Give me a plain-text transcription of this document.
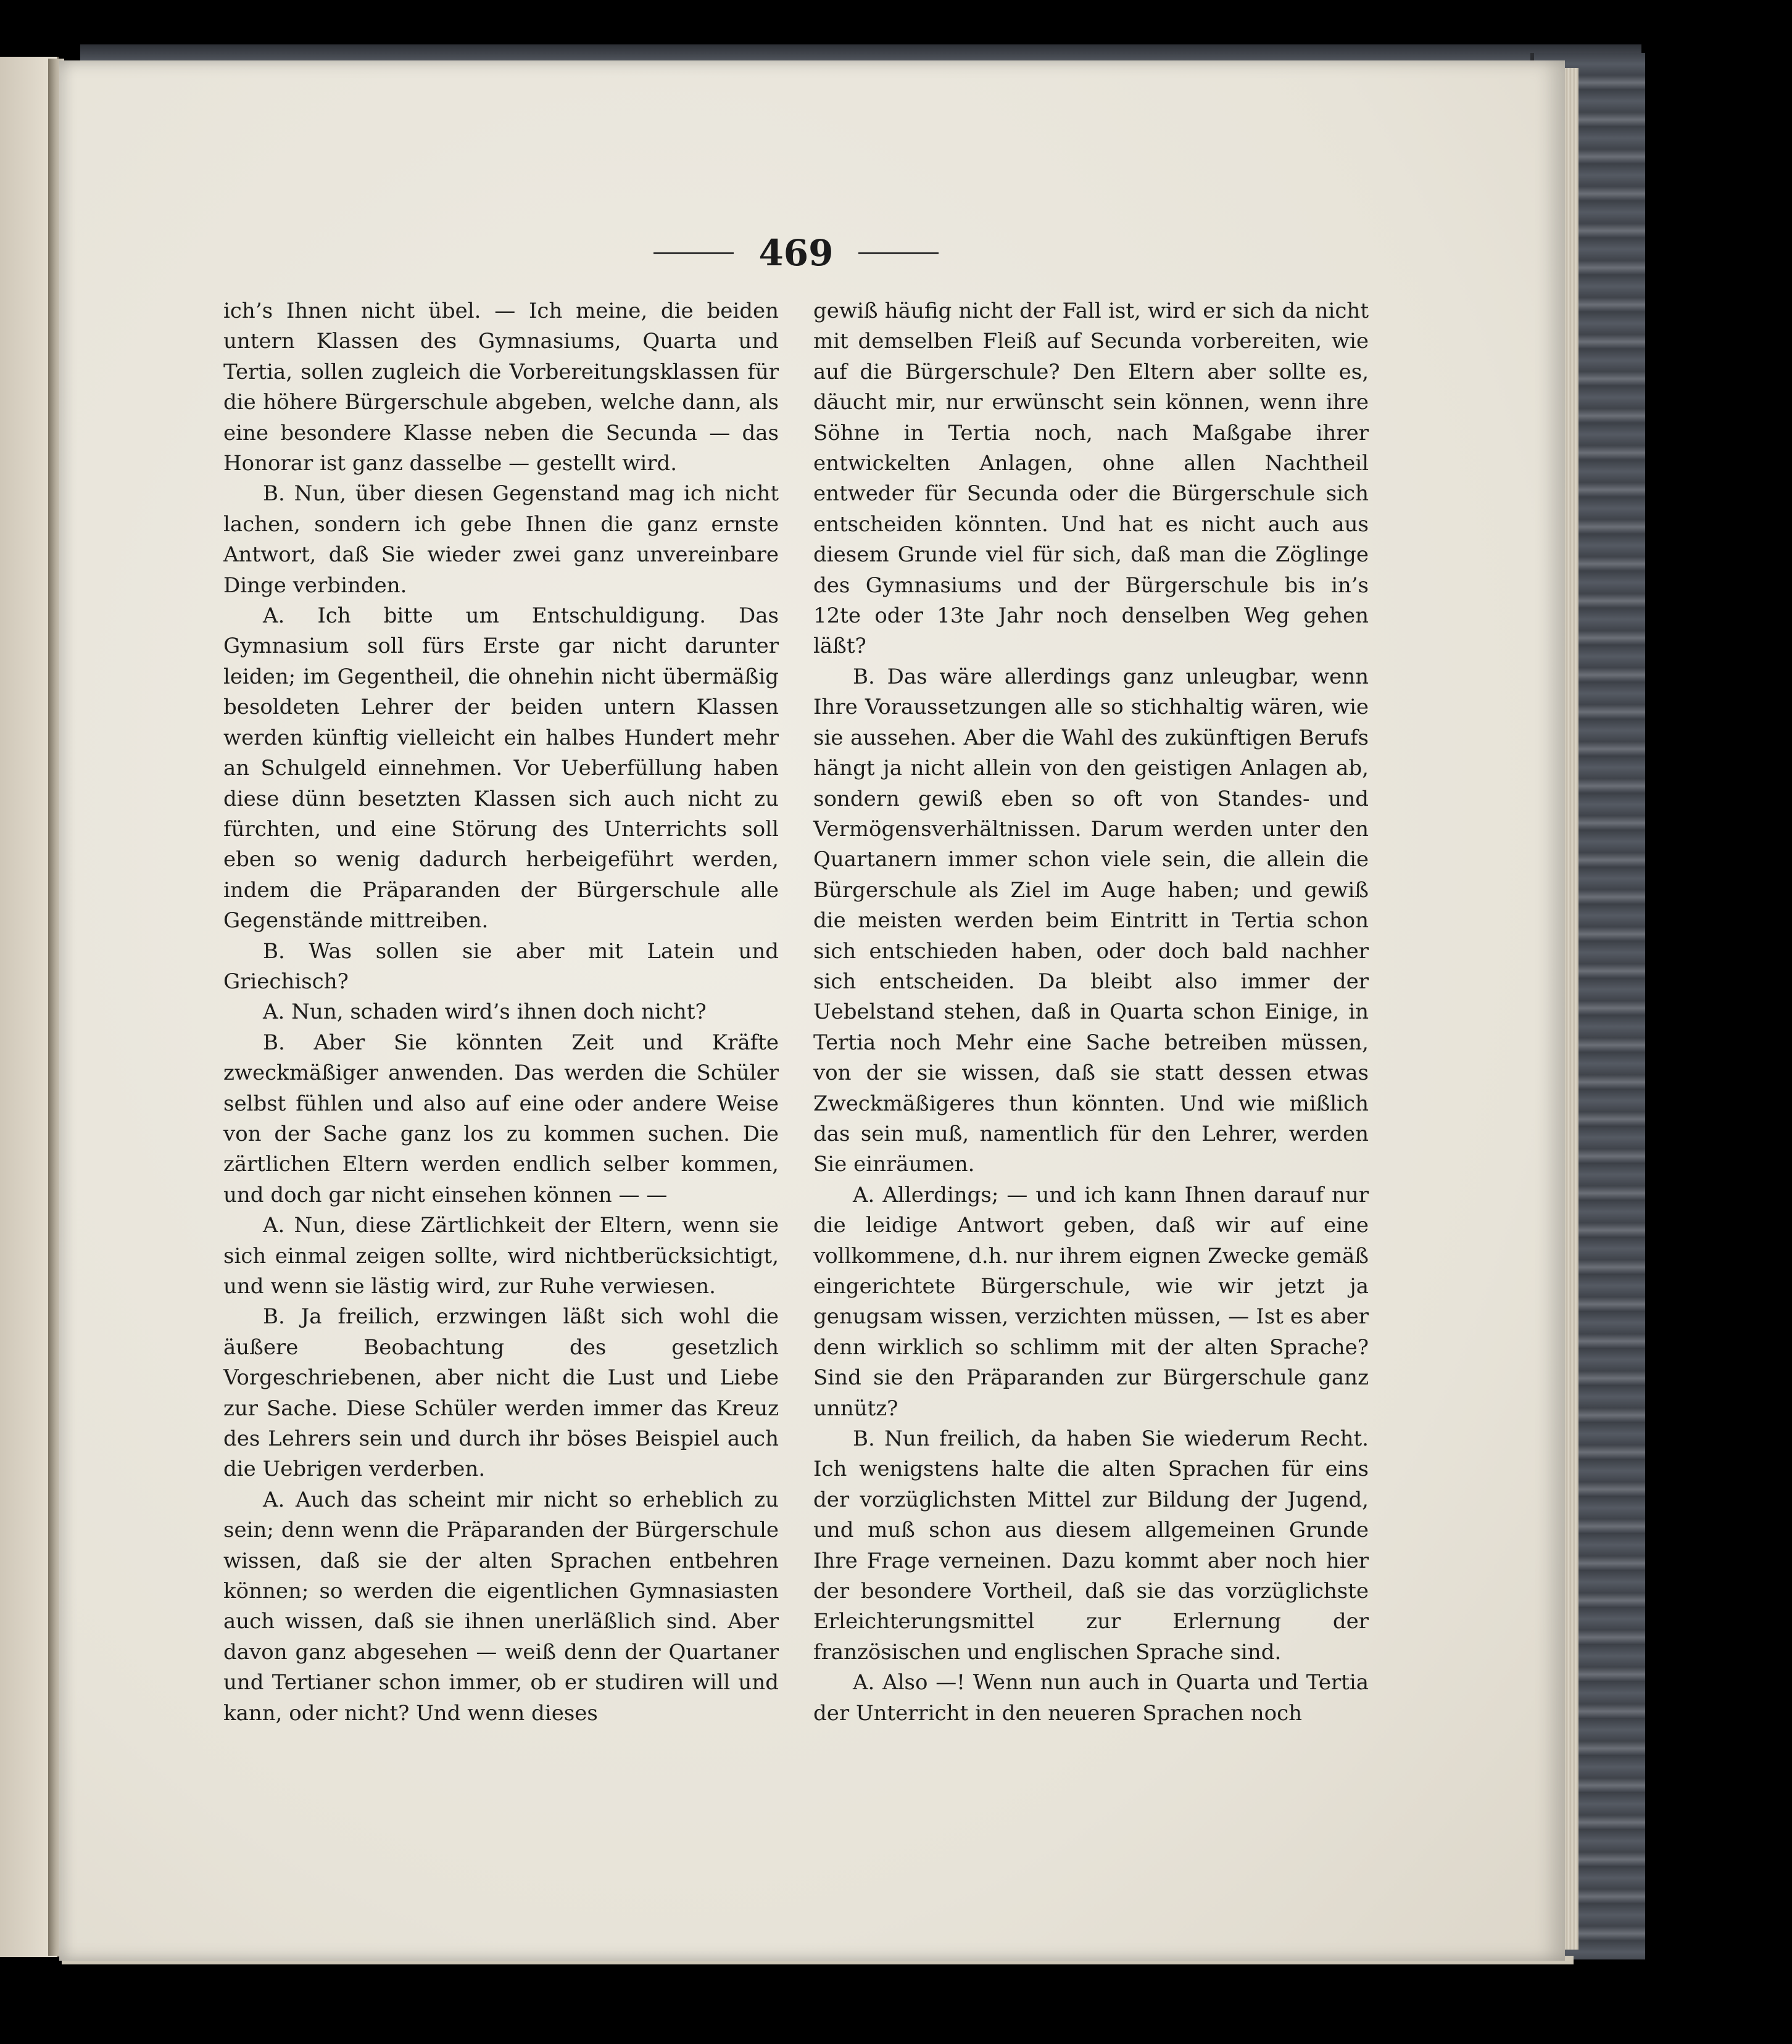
469

ich’s Ihnen nicht übel. — Ich meine, die beiden untern Klassen des Gymnasiums, Quarta und Tertia, sollen zugleich die Vorbereitungsklassen für die höhere Bürgerschule abgeben, welche dann, als eine besondere Klasse neben die Secunda — das Honorar ist ganz dasselbe — gestellt wird.

B. Nun, über diesen Gegenstand mag ich nicht lachen, sondern ich gebe Ihnen die ganz ernste Antwort, daß Sie wieder zwei ganz unvereinbare Dinge verbinden.

A. Ich bitte um Entschuldigung. Das Gymnasium soll fürs Erste gar nicht darunter leiden; im Gegentheil, die ohnehin nicht übermäßig besoldeten Lehrer der beiden untern Klassen werden künftig vielleicht ein halbes Hundert mehr an Schulgeld einnehmen. Vor Ueberfüllung haben diese dünn besetzten Klassen sich auch nicht zu fürchten, und eine Störung des Unterrichts soll eben so wenig dadurch herbeigeführt werden, indem die Präparanden der Bürgerschule alle Gegenstände mittreiben.

B. Was sollen sie aber mit Latein und Griechisch?

A. Nun, schaden wird’s ihnen doch nicht?

B. Aber Sie könnten Zeit und Kräfte zweckmäßiger anwenden. Das werden die Schüler selbst fühlen und also auf eine oder andere Weise von der Sache ganz los zu kommen suchen. Die zärtlichen Eltern werden endlich selber kommen, und doch gar nicht einsehen können — —

A. Nun, diese Zärtlichkeit der Eltern, wenn sie sich einmal zeigen sollte, wird nichtberücksichtigt, und wenn sie lästig wird, zur Ruhe verwiesen.

B. Ja freilich, erzwingen läßt sich wohl die äußere Beobachtung des gesetzlich Vorgeschriebenen, aber nicht die Lust und Liebe zur Sache. Diese Schüler werden immer das Kreuz des Lehrers sein und durch ihr böses Beispiel auch die Uebrigen verderben.

A. Auch das scheint mir nicht so erheblich zu sein; denn wenn die Präparanden der Bürgerschule wissen, daß sie der alten Sprachen entbehren können; so werden die eigentlichen Gymnasiasten auch wissen, daß sie ihnen unerläßlich sind. Aber davon ganz abgesehen — weiß denn der Quartaner und Tertianer schon immer, ob er studiren will und kann, oder nicht? Und wenn dieses

gewiß häufig nicht der Fall ist, wird er sich da nicht mit demselben Fleiß auf Secunda vorbereiten, wie auf die Bürgerschule? Den Eltern aber sollte es, däucht mir, nur erwünscht sein können, wenn ihre Söhne in Tertia noch, nach Maßgabe ihrer entwickelten Anlagen, ohne allen Nachtheil entweder für Secunda oder die Bürgerschule sich entscheiden könnten. Und hat es nicht auch aus diesem Grunde viel für sich, daß man die Zöglinge des Gymnasiums und der Bürgerschule bis in’s 12te oder 13te Jahr noch denselben Weg gehen läßt?

B. Das wäre allerdings ganz unleugbar, wenn Ihre Voraussetzungen alle so stichhaltig wären, wie sie aussehen. Aber die Wahl des zukünftigen Berufs hängt ja nicht allein von den geistigen Anlagen ab, sondern gewiß eben so oft von Standes- und Vermögensverhältnissen. Darum werden unter den Quartanern immer schon viele sein, die allein die Bürgerschule als Ziel im Auge haben; und gewiß die meisten werden beim Eintritt in Tertia schon sich entschieden haben, oder doch bald nachher sich entscheiden. Da bleibt also immer der Uebelstand stehen, daß in Quarta schon Einige, in Tertia noch Mehr eine Sache betreiben müssen, von der sie wissen, daß sie statt dessen etwas Zweckmäßigeres thun könnten. Und wie mißlich das sein muß, namentlich für den Lehrer, werden Sie einräumen.

A. Allerdings; — und ich kann Ihnen darauf nur die leidige Antwort geben, daß wir auf eine vollkommene, d.h. nur ihrem eignen Zwecke gemäß eingerichtete Bürgerschule, wie wir jetzt ja genugsam wissen, verzichten müssen, — Ist es aber denn wirklich so schlimm mit der alten Sprache? Sind sie den Präparanden zur Bürgerschule ganz unnütz?

B. Nun freilich, da haben Sie wiederum Recht. Ich wenigstens halte die alten Sprachen für eins der vorzüglichsten Mittel zur Bildung der Jugend, und muß schon aus diesem allgemeinen Grunde Ihre Frage verneinen. Dazu kommt aber noch hier der besondere Vortheil, daß sie das vorzüglichste Erleichterungsmittel zur Erlernung der französischen und englischen Sprache sind.

A. Also —! Wenn nun auch in Quarta und Tertia der Unterricht in den neueren Sprachen noch
